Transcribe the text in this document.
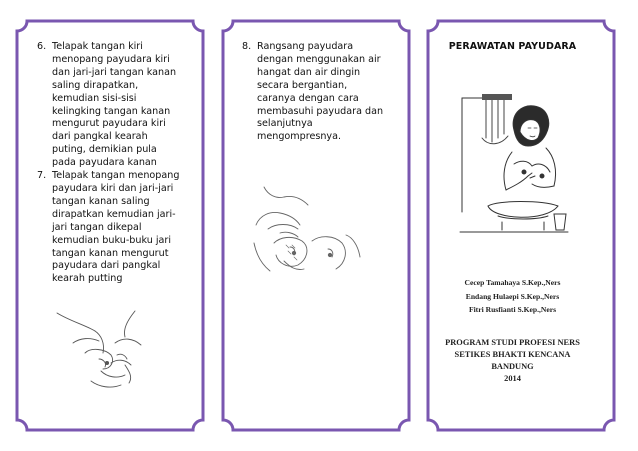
6. Telapak tangan kiri
menopang payudara kiri
dan jari-jari tangan kanan
saling dirapatkan,
kemudian sisi-sisi
kelingking tangan kanan
mengurut payudara kiri
dari pangkal kearah
puting, demikian pula
pada payudara kanan
7. Telapak tangan menopang
payudara kiri dan jari-jari
tangan kanan saling
dirapatkan kemudian jari-
jari tangan dikepal
kemudian buku-buku jari
tangan kanan mengurut
payudara dari pangkal
kearah putting
8. Rangsang payudara
dengan menggunakan air
hangat dan air dingin
secara bergantian,
caranya dengan cara
membasuhi payudara dan
selanjutnya
mengompresnya.
PERAWATAN PAYUDARA
Cecep Tamahaya S.Kep.,Ners
Endang Hulaepi S.Kep.,Ners
Fitri Rusfianti S.Kep.,Ners
PROGRAM STUDI PROFESI NERS
SETIKES BHAKTI KENCANA
BANDUNG
2014
